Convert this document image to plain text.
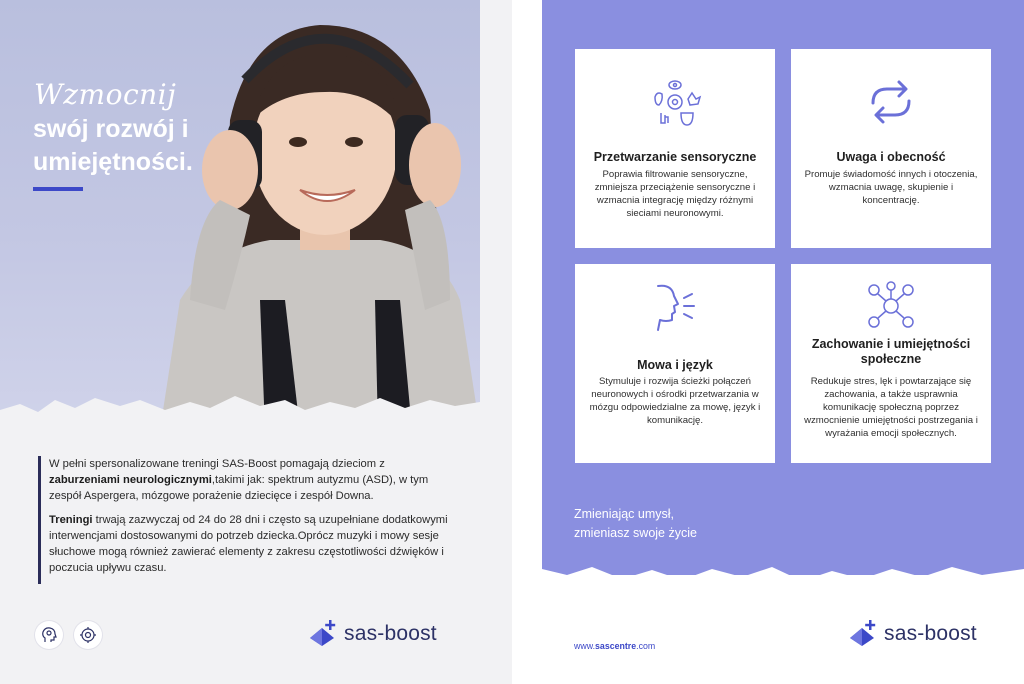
Wzmocnij
swój rozwój i
umiejętności.

W pełni spersonalizowane treningi SAS-Boost pomagają dzieciom z zaburzeniami neurologicznymi,takimi jak: spektrum autyzmu (ASD), w tym zespół Aspergera, mózgowe porażenie dziecięce i zespół Downa.

Treningi trwają zazwyczaj od 24 do 28 dni i często są uzupełniane dodatkowymi interwencjami dostosowanymi do potrzeb dziecka.Oprócz muzyki i mowy sesje słuchowe mogą również zawierać elementy z zakresu częstotliwości dźwięków i poczucia upływu czasu.

sas-boost
Przetwarzanie sensoryczne
Poprawia filtrowanie sensoryczne, zmniejsza przeciążenie sensoryczne i wzmacnia integrację między różnymi sieciami neuronowymi.
Uwaga i obecność
Promuje świadomość innych i otoczenia, wzmacnia uwagę, skupienie i koncentrację.
Mowa i język
Stymuluje i rozwija ścieżki połączeń neuronowych i ośrodki przetwarzania w mózgu odpowiedzialne za mowę, język i komunikację.
Zachowanie i umiejętności społeczne
Redukuje stres, lęk i powtarzające się zachowania, a także usprawnia komunikację społeczną poprzez wzmocnienie umiejętności postrzegania i wyrażania emocji społecznych.
Zmieniając umysł,
zmieniasz swoje życie
www.sascentre.com
sas-boost
